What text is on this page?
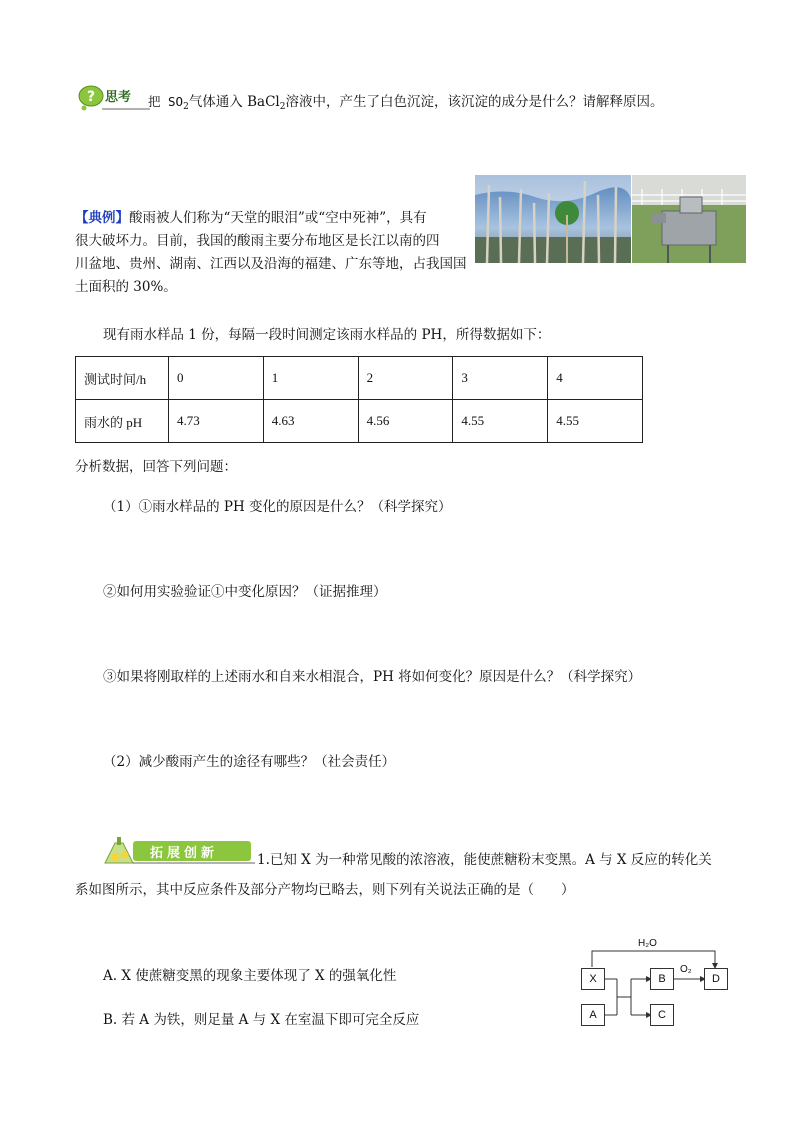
? 思考 把 $SO_2$气体通入 BaCl$_2$溶液中，产生了白色沉淀，该沉淀的成分是什么？请解释原因。
【典例】酸雨被人们称为“天堂的眼泪”或“空中死神”，具有
很大破坏力。目前，我国的酸雨主要分布地区是长江以南的四
川盆地、贵州、湖南、江西以及沿海的福建、广东等地，占我国国
土面积的 30%。
现有雨水样品 1 份，每隔一段时间测定该雨水样品的 PH，所得数据如下：
测试时间/h	0	1	2	3	4
雨水的 pH	4.73	4.63	4.56	4.55	4.55
分析数据，回答下列问题：
（1）①雨水样品的 PH 变化的原因是什么？（科学探究）
②如何用实验验证①中变化原因？（证据推理）
③如果将刚取样的上述雨水和自来水相混合，PH 将如何变化？原因是什么？（科学探究）
（2）减少酸雨产生的途径有哪些？（社会责任）
拓展创新	1.已知 X 为一种常见酸的浓溶液，能使蔗糖粉末变黑。A 与 X 反应的转化关
系如图所示，其中反应条件及部分产物均已略去，则下列有关说法正确的是（　　）
A. X 使蔗糖变黑的现象主要体现了 X 的强氧化性
B. 若 A 为铁，则足量 A 与 X 在室温下即可完全反应
H₂O
O₂
X	B	D
A	C
